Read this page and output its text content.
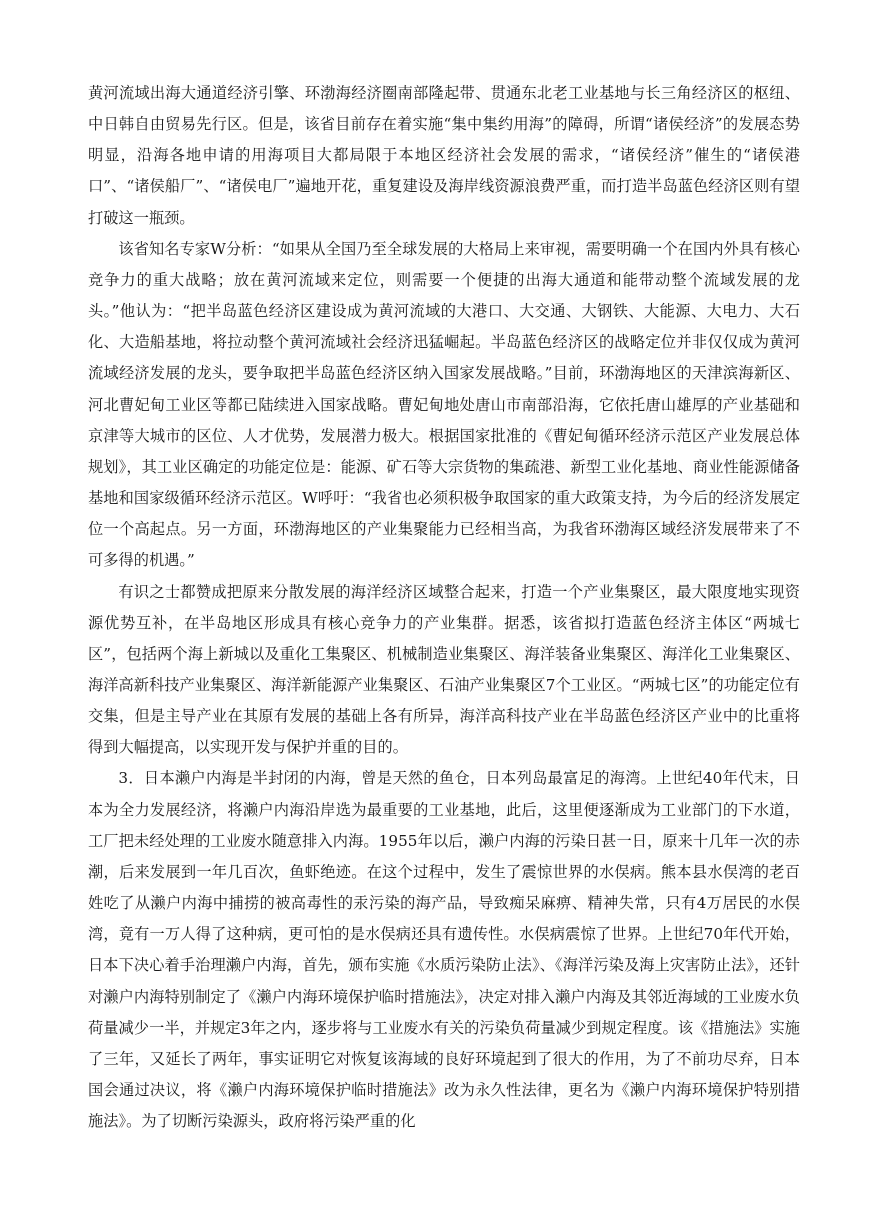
黄河流域出海大通道经济引擎、环渤海经济圈南部隆起带、贯通东北老工业基地与长三角经济区的枢纽、中日韩自由贸易先行区。但是，该省目前存在着实施“集中集约用海”的障碍，所谓“诸侯经济”的发展态势明显，沿海各地申请的用海项目大都局限于本地区经济社会发展的需求，“诸侯经济”催生的“诸侯港口”、“诸侯船厂”、“诸侯电厂”遍地开花，重复建设及海岸线资源浪费严重，而打造半岛蓝色经济区则有望打破这一瓶颈。

该省知名专家W分析：“如果从全国乃至全球发展的大格局上来审视，需要明确一个在国内外具有核心竞争力的重大战略；放在黄河流域来定位，则需要一个便捷的出海大通道和能带动整个流域发展的龙头。”他认为：“把半岛蓝色经济区建设成为黄河流域的大港口、大交通、大钢铁、大能源、大电力、大石化、大造船基地，将拉动整个黄河流域社会经济迅猛崛起。半岛蓝色经济区的战略定位并非仅仅成为黄河流域经济发展的龙头，要争取把半岛蓝色经济区纳入国家发展战略。”目前，环渤海地区的天津滨海新区、河北曹妃甸工业区等都已陆续进入国家战略。曹妃甸地处唐山市南部沿海，它依托唐山雄厚的产业基础和京津等大城市的区位、人才优势，发展潜力极大。根据国家批准的《曹妃甸循环经济示范区产业发展总体规划》，其工业区确定的功能定位是：能源、矿石等大宗货物的集疏港、新型工业化基地、商业性能源储备基地和国家级循环经济示范区。W呼吁：“我省也必须积极争取国家的重大政策支持，为今后的经济发展定位一个高起点。另一方面，环渤海地区的产业集聚能力已经相当高，为我省环渤海区域经济发展带来了不可多得的机遇。”

有识之士都赞成把原来分散发展的海洋经济区域整合起来，打造一个产业集聚区，最大限度地实现资源优势互补，在半岛地区形成具有核心竞争力的产业集群。据悉，该省拟打造蓝色经济主体区“两城七区”，包括两个海上新城以及重化工集聚区、机械制造业集聚区、海洋装备业集聚区、海洋化工业集聚区、海洋高新科技产业集聚区、海洋新能源产业集聚区、石油产业集聚区7个工业区。“两城七区”的功能定位有交集，但是主导产业在其原有发展的基础上各有所异，海洋高科技产业在半岛蓝色经济区产业中的比重将得到大幅提高，以实现开发与保护并重的目的。

3．日本濑户内海是半封闭的内海，曾是天然的鱼仓，日本列岛最富足的海湾。上世纪40年代末，日本为全力发展经济，将濑户内海沿岸选为最重要的工业基地，此后，这里便逐渐成为工业部门的下水道，工厂把未经处理的工业废水随意排入内海。1955年以后，濑户内海的污染日甚一日，原来十几年一次的赤潮，后来发展到一年几百次，鱼虾绝迹。在这个过程中，发生了震惊世界的水俣病。熊本县水俣湾的老百姓吃了从濑户内海中捕捞的被高毒性的汞污染的海产品，导致痴呆麻痹、精神失常，只有4万居民的水俣湾，竟有一万人得了这种病，更可怕的是水俣病还具有遗传性。水俣病震惊了世界。上世纪70年代开始，日本下决心着手治理濑户内海，首先，颁布实施《水质污染防止法》、《海洋污染及海上灾害防止法》，还针对濑户内海特别制定了《濑户内海环境保护临时措施法》，决定对排入濑户内海及其邻近海域的工业废水负荷量减少一半，并规定3年之内，逐步将与工业废水有关的污染负荷量减少到规定程度。该《措施法》实施了三年，又延长了两年，事实证明它对恢复该海域的良好环境起到了很大的作用，为了不前功尽弃，日本国会通过决议，将《濑户内海环境保护临时措施法》改为永久性法律，更名为《濑户内海环境保护特别措施法》。为了切断污染源头，政府将污染严重的化
